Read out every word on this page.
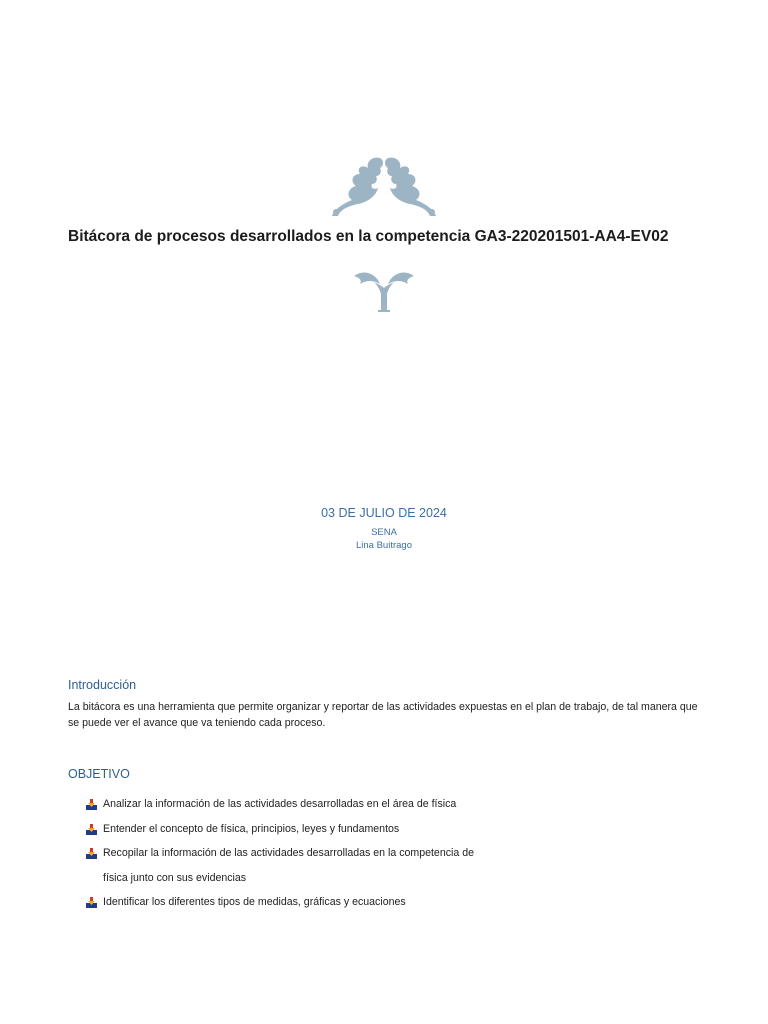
Bitácora de procesos desarrollados en la competencia GA3-220201501-AA4-EV02
03 DE JULIO DE 2024
SENA
Lina Buitrago
Introducción
La bitácora es una herramienta que permite organizar y reportar de las actividades expuestas en el plan de trabajo, de tal manera que se puede ver el avance que va teniendo cada proceso.
OBJETIVO
Analizar la información de las actividades desarrolladas en el área de física
Entender el concepto de física, principios, leyes y fundamentos
Recopilar la información de las actividades desarrolladas en la competencia de
física junto con sus evidencias
Identificar los diferentes tipos de medidas, gráficas y ecuaciones
